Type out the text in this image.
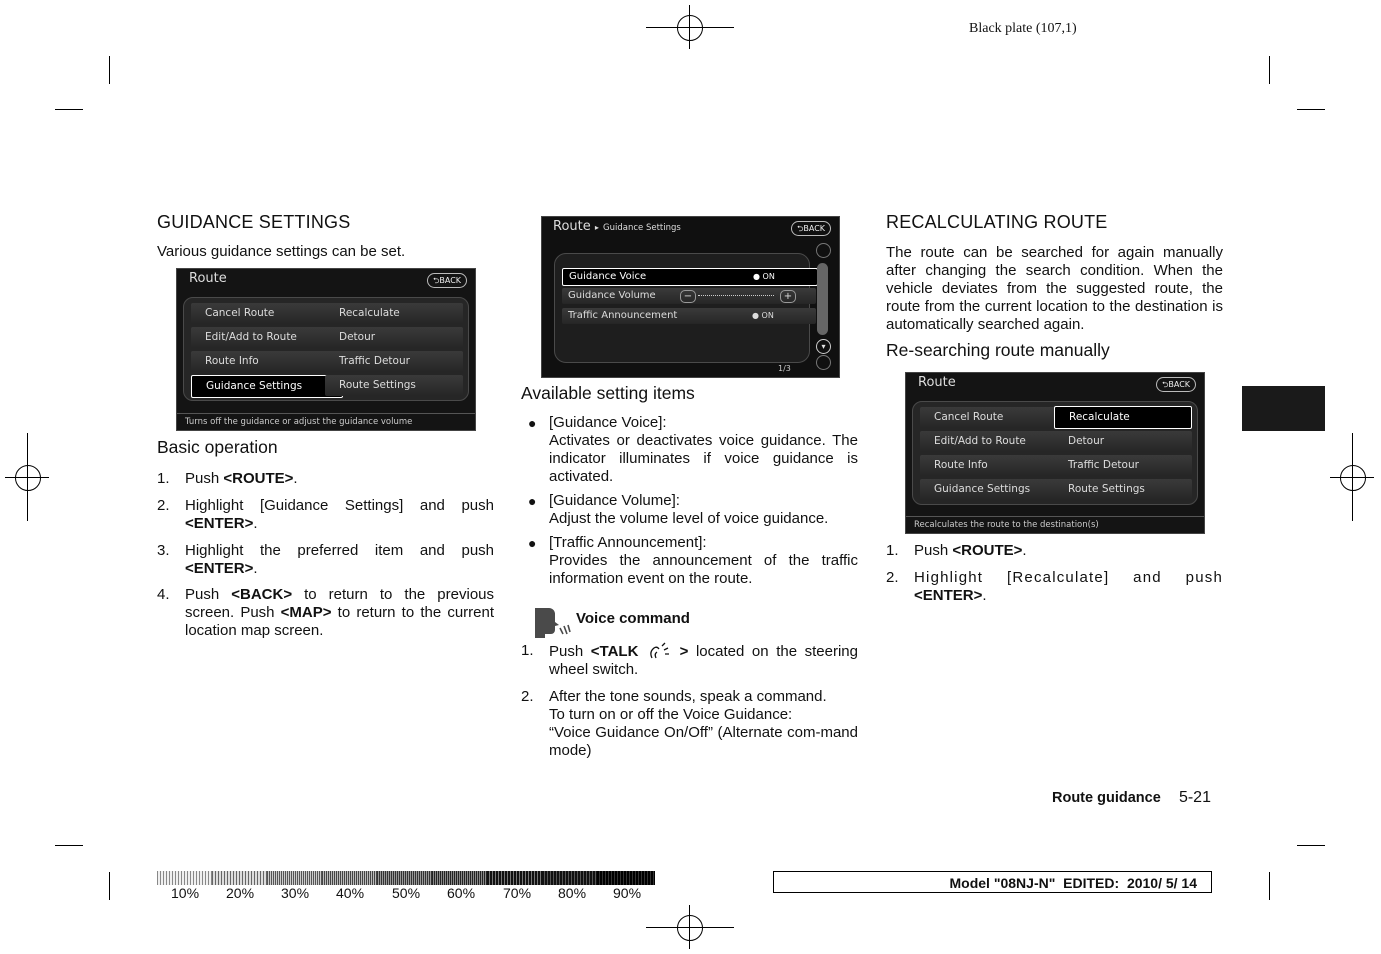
Black plate (107,1)
GUIDANCE SETTINGS
Various guidance settings can be set.
Route	⮌BACK
Cancel Route	Recalculate
Edit/Add to Route	Detour
Route Info	Traffic Detour
Guidance Settings	Route Settings
Turns off the guidance or adjust the guidance volume
Basic operation
1. Push <ROUTE>.
2. Highlight [Guidance Settings] and push <ENTER>.
3. Highlight the preferred item and push <ENTER>.
4. Push <BACK> to return to the previous screen. Push <MAP> to return to the current location map screen.
Route ▸ Guidance Settings	⮌BACK
Guidance Voice	● ON
Guidance Volume	−	+
Traffic Announcement	● ON
▾
1/3
Available setting items
● [Guidance Voice]:
Activates or deactivates voice guidance. The indicator illuminates if voice guidance is activated.
● [Guidance Volume]:
Adjust the volume level of voice guidance.
● [Traffic Announcement]:
Provides the announcement of the traffic information event on the route.
Voice command
1. Push <TALK	> located on the steering wheel switch.
2. After the tone sounds, speak a command.
To turn on or off the Voice Guidance:
“Voice Guidance On/Off” (Alternate com-mand mode)
RECALCULATING ROUTE
The route can be searched for again manually after changing the search condition. When the vehicle deviates from the suggested route, the route from the current location to the destination is automatically searched again.
Re-searching route manually
Route	⮌BACK
Cancel Route	Recalculate
Edit/Add to Route	Detour
Route Info	Traffic Detour
Guidance Settings	Route Settings
Recalculates the route to the destination(s)
1. Push <ROUTE>.
2. Highlight [Recalculate] and push <ENTER>.
Route guidance 5-21
10% 20% 30% 40% 50% 60% 70% 80% 90%
Model "08NJ-N" EDITED: 2010/ 5/ 14
